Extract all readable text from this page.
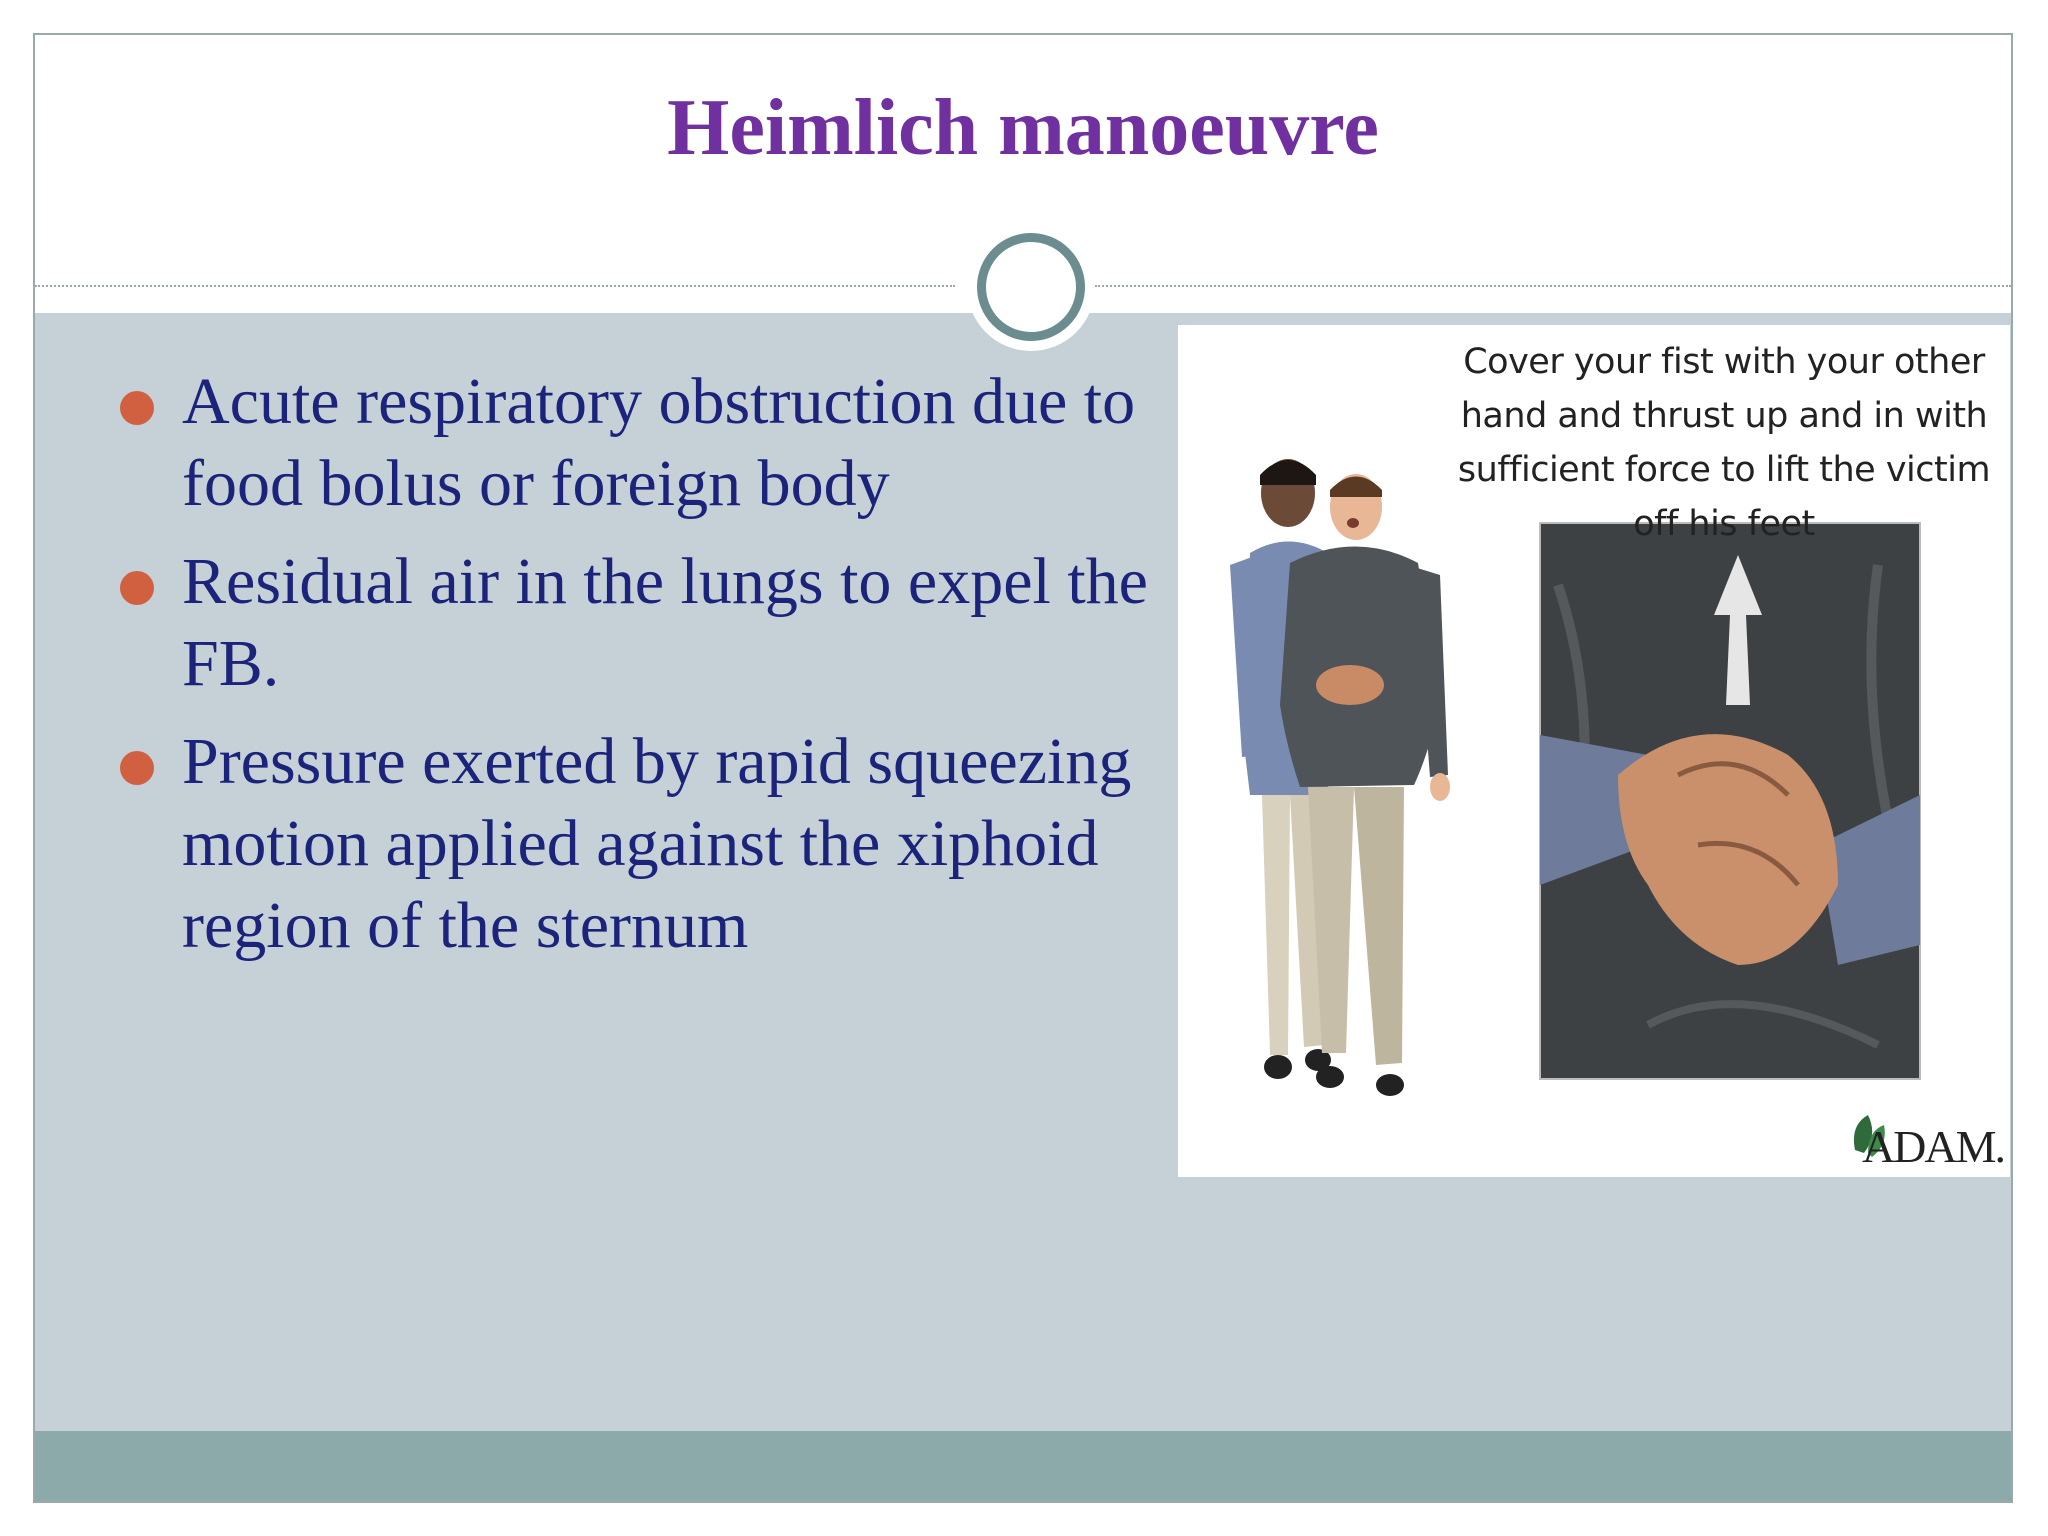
Heimlich manoeuvre
Acute respiratory obstruction due to food bolus or foreign body
Residual air in the lungs to expel the FB.
Pressure exerted by rapid squeezing motion applied against the xiphoid region of the sternum
Cover your fist with your other hand and thrust up and in with sufficient force to lift the victim off his feet
ADAM.
